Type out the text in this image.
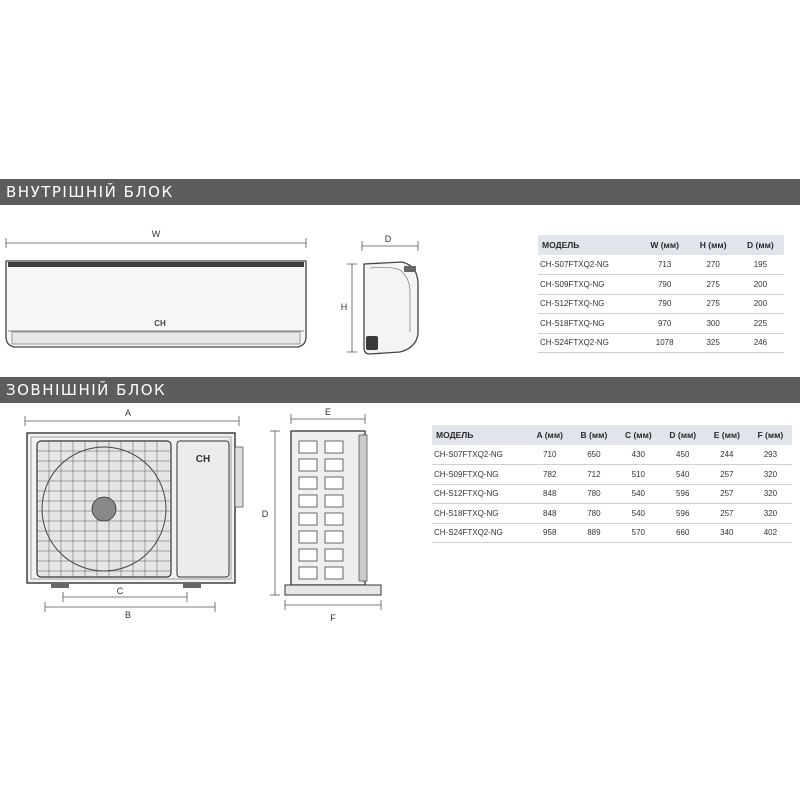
ВНУТРІШНІЙ БЛОК
ЗОВНІШНІЙ БЛОК
W
CH
D
H
МОДЕЛЬ	W (мм)	H (мм)	D (мм)
CH-S07FTXQ2-NG	713	270	195
CH-S09FTXQ-NG	790	275	200
CH-S12FTXQ-NG	790	275	200
CH-S18FTXQ-NG	970	300	225
CH-S24FTXQ2-NG	1078	325	246
A
CH
C
B
E
D
F
МОДЕЛЬ	A (мм)	B (мм)	C (мм)	D (мм)	E (мм)	F (мм)
CH-S07FTXQ2-NG	710	650	430	450	244	293
CH-S09FTXQ-NG	782	712	510	540	257	320
CH-S12FTXQ-NG	848	780	540	596	257	320
CH-S18FTXQ-NG	848	780	540	596	257	320
CH-S24FTXQ2-NG	958	889	570	660	340	402
